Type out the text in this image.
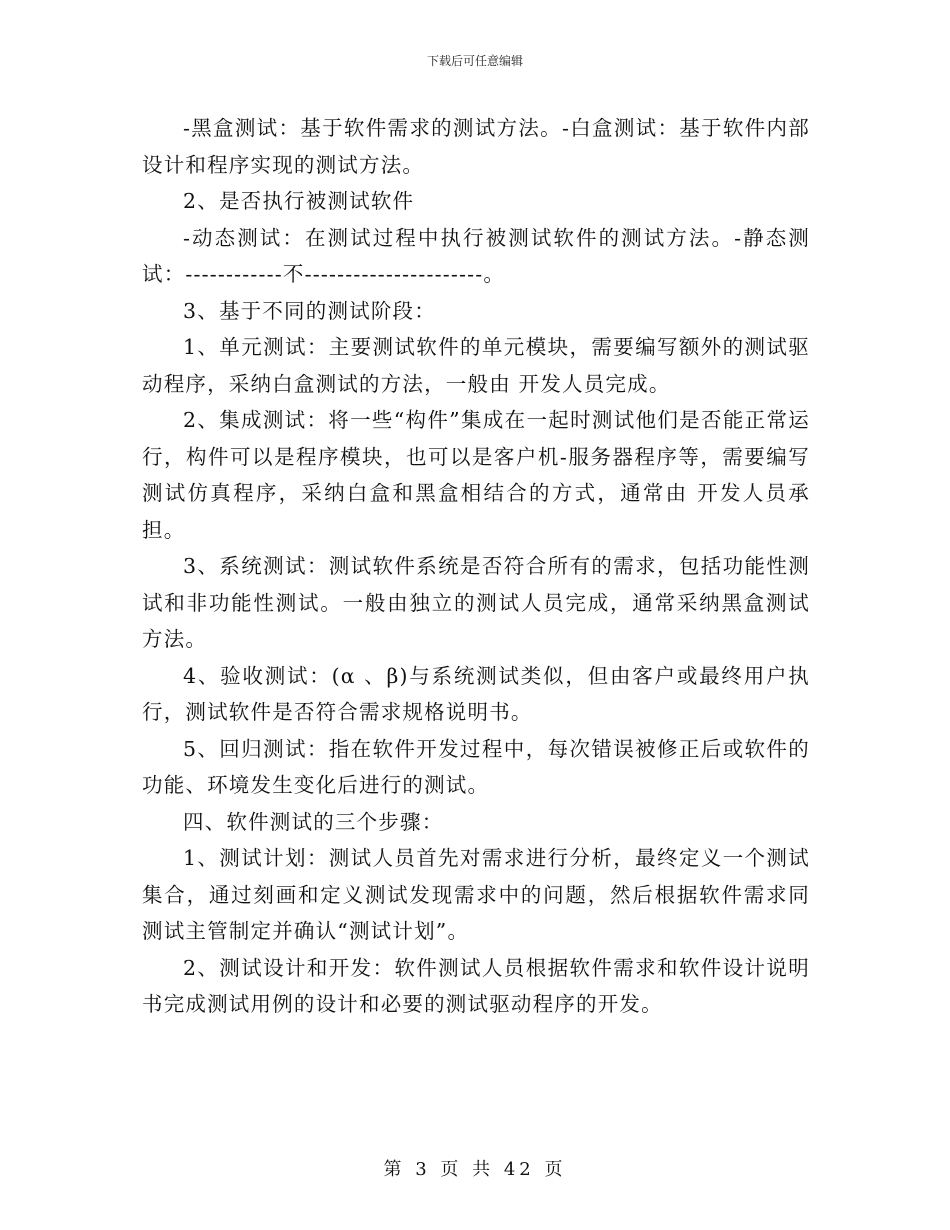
下载后可任意编辑

-黑盒测试：基于软件需求的测试方法。-白盒测试：基于软件内部设计和程序实现的测试方法。

2、是否执行被测试软件

-动态测试：在测试过程中执行被测试软件的测试方法。-静态测试：------------不----------------------。

3、基于不同的测试阶段：

1、单元测试：主要测试软件的单元模块，需要编写额外的测试驱动程序，采纳白盒测试的方法，一般由 开发人员完成。

2、集成测试：将一些“构件”集成在一起时测试他们是否能正常运行，构件可以是程序模块，也可以是客户机-服务器程序等，需要编写测试仿真程序，采纳白盒和黑盒相结合的方式，通常由 开发人员承担。

3、系统测试：测试软件系统是否符合所有的需求，包括功能性测试和非功能性测试。一般由独立的测试人员完成，通常采纳黑盒测试方法。

4、验收测试：(α 、β)与系统测试类似，但由客户或最终用户执行，测试软件是否符合需求规格说明书。

5、回归测试：指在软件开发过程中，每次错误被修正后或软件的功能、环境发生变化后进行的测试。

四、软件测试的三个步骤：

1、测试计划：测试人员首先对需求进行分析，最终定义一个测试集合，通过刻画和定义测试发现需求中的问题，然后根据软件需求同测试主管制定并确认“测试计划”。

2、测试设计和开发：软件测试人员根据软件需求和软件设计说明书完成测试用例的设计和必要的测试驱动程序的开发。

第 3 页 共 42 页
